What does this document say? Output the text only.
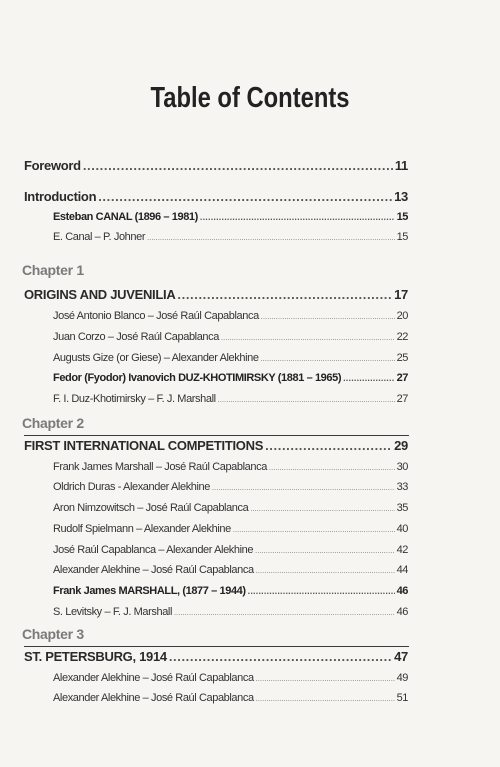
Table of Contents
Foreword .....	11
Introduction .....	13
Esteban CANAL (1896 – 1981) .....	15
E. Canal – P. Johner .....	15
Chapter 1
ORIGINS AND JUVENILIA .....	17
José Antonio Blanco – José Raúl Capablanca .....	20
Juan Corzo – José Raúl Capablanca .....	22
Augusts Gize (or Giese) – Alexander Alekhine .....	25
Fedor (Fyodor) Ivanovich DUZ-KHOTIMIRSKY (1881 – 1965) .....	27
F. I. Duz-Khotimirsky – F. J. Marshall .....	27
Chapter 2
FIRST INTERNATIONAL COMPETITIONS .....	29
Frank James Marshall – José Raúl Capablanca .....	30
Oldrich Duras - Alexander Alekhine .....	33
Aron Nimzowitsch – José Raúl Capablanca .....	35
Rudolf Spielmann – Alexander Alekhine .....	40
José Raúl Capablanca – Alexander Alekhine .....	42
Alexander Alekhine – José Raúl Capablanca .....	44
Frank James MARSHALL, (1877 – 1944) .....	46
S. Levitsky – F. J. Marshall .....	46
Chapter 3
ST. PETERSBURG, 1914 .....	47
Alexander Alekhine – José Raúl Capablanca .....	49
Alexander Alekhine – José Raúl Capablanca .....	51
